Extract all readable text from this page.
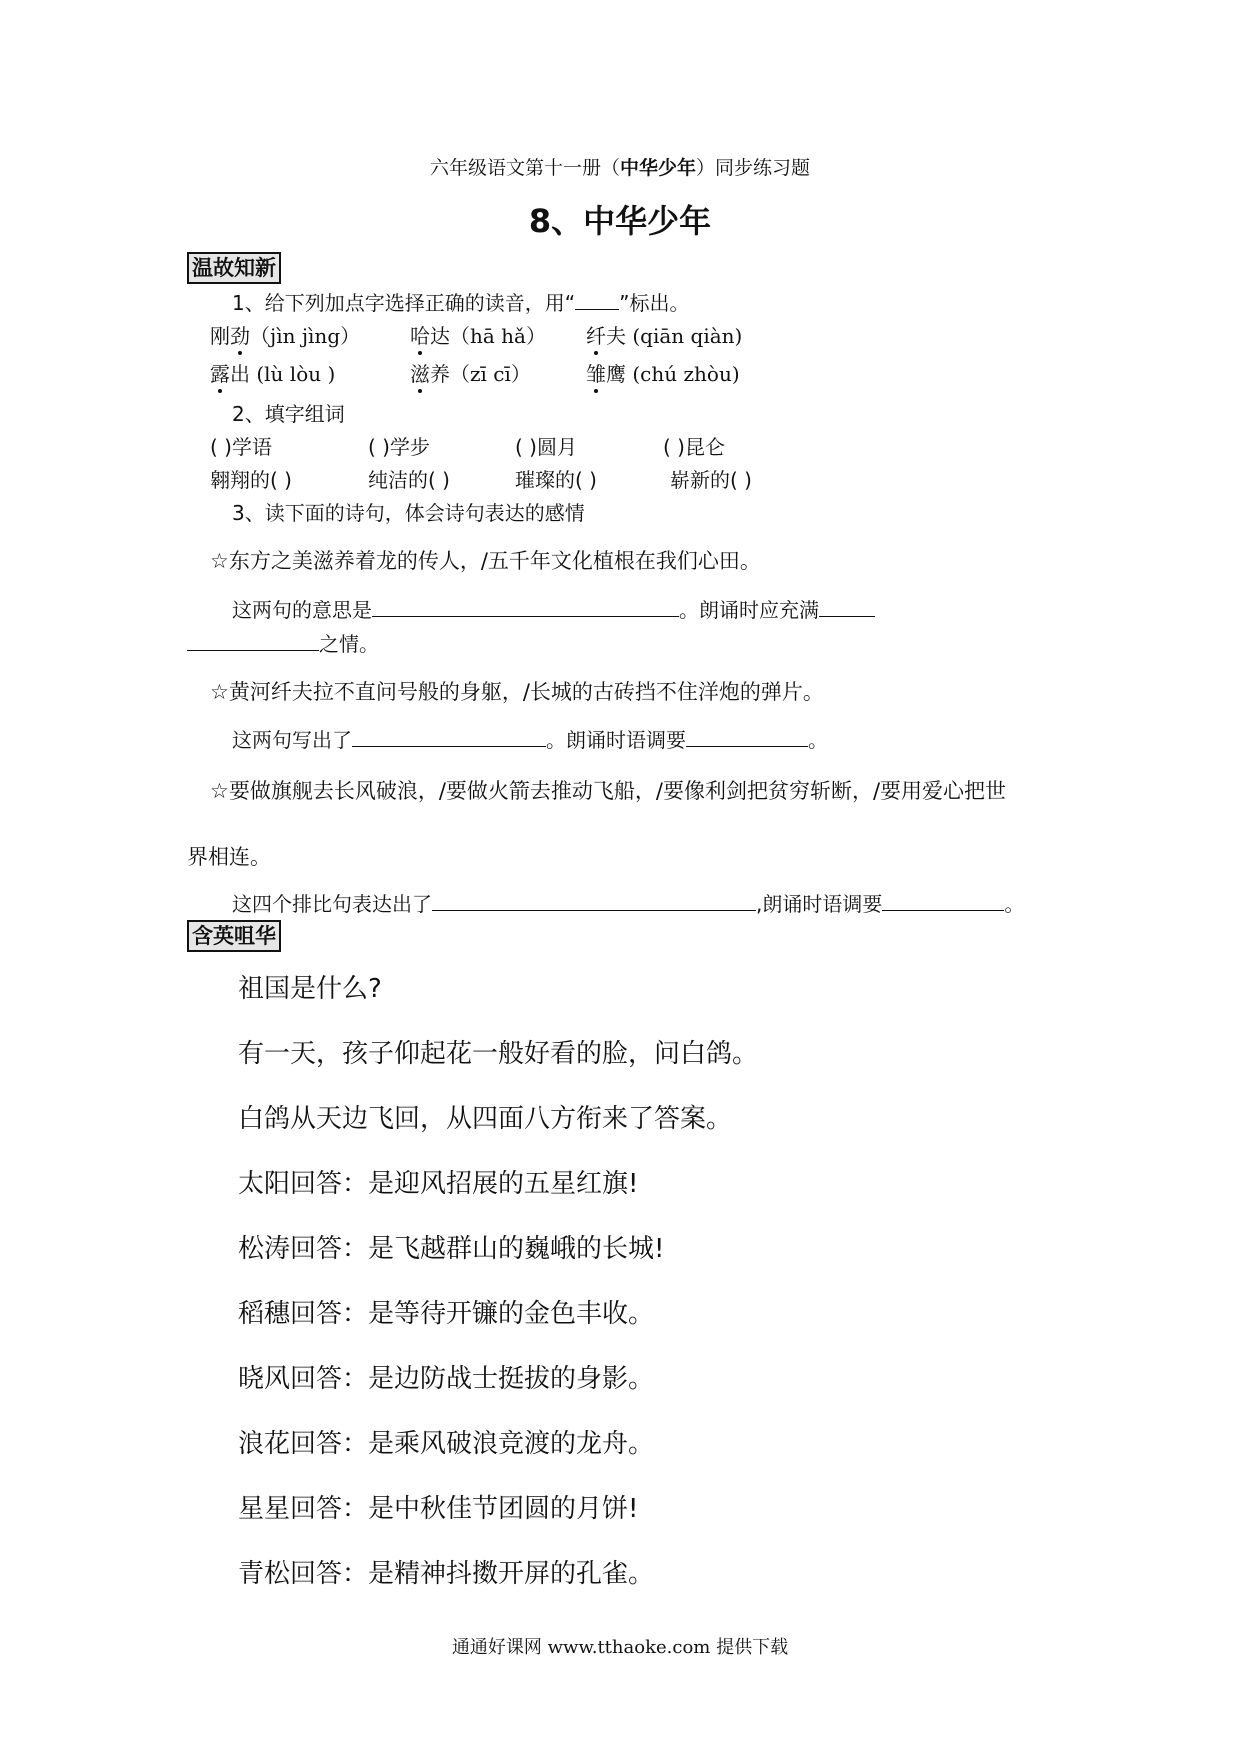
六年级语文第十一册（中华少年）同步练习题
8、中华少年
温故知新
1、给下列加点字选择正确的读音，用“ ”标出。
刚劲（jìn jìng） 哈达（hā hǎ） 纤夫 (qiān qiàn)
露出 (lù lòu )	滋养（zī cī）	雏鹰 (chú zhòu)
2、填字组词
( )学语	( )学步	( )圆月	( )昆仑
翱翔的( )	纯洁的( )	璀璨的( )	崭新的( )
3、读下面的诗句，体会诗句表达的感情
☆东方之美滋养着龙的传人，/五千年文化植根在我们心田。
这两句的意思是	。朗诵时应充满
之情。
☆黄河纤夫拉不直问号般的身躯，/长城的古砖挡不住洋炮的弹片。
这两句写出了	。朗诵时语调要	。
☆要做旗舰去长风破浪，/要做火箭去推动飞船，/要像利剑把贫穷斩断，/要用爱心把世
界相连。
这四个排比句表达出了	,朗诵时语调要	。
含英咀华
祖国是什么?
有一天，孩子仰起花一般好看的脸，问白鸽。
白鸽从天边飞回，从四面八方衔来了答案。
太阳回答：是迎风招展的五星红旗!
松涛回答：是飞越群山的巍峨的长城!
稻穗回答：是等待开镰的金色丰收。
晓风回答：是边防战士挺拔的身影。
浪花回答：是乘风破浪竞渡的龙舟。
星星回答：是中秋佳节团圆的月饼!
青松回答：是精神抖擞开屏的孔雀。
通通好课网 www.tthaoke.com 提供下载
